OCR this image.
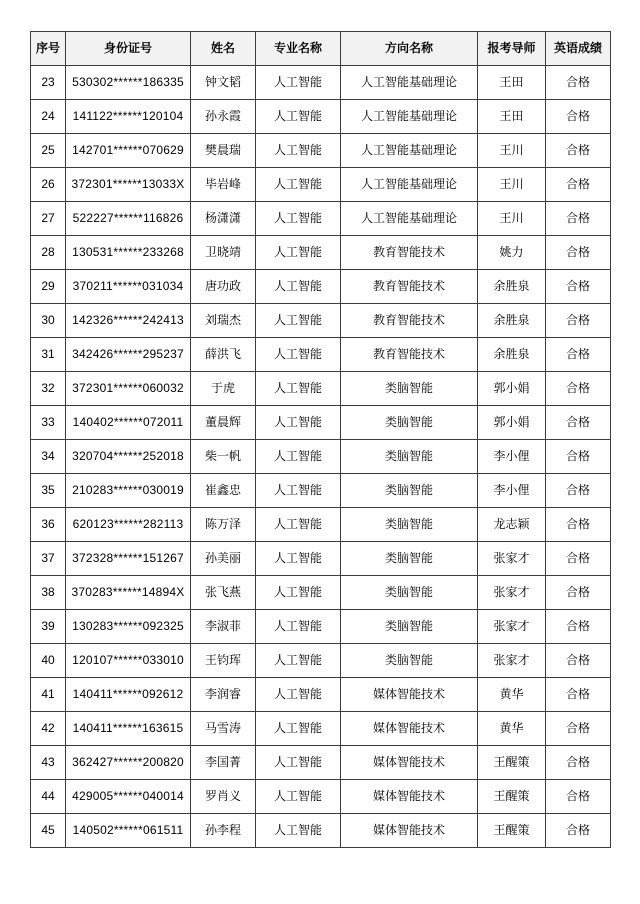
序号	身份证号	姓名	专业名称	方向名称	报考导师	英语成绩
23	530302******186335	钟文韬	人工智能	人工智能基础理论	王田	合格
24	141122******120104	孙永霞	人工智能	人工智能基础理论	王田	合格
25	142701******070629	樊晨瑞	人工智能	人工智能基础理论	王川	合格
26	372301******13033X	毕岩峰	人工智能	人工智能基础理论	王川	合格
27	522227******116826	杨潇潇	人工智能	人工智能基础理论	王川	合格
28	130531******233268	卫晓靖	人工智能	教育智能技术	姚力	合格
29	370211******031034	唐功政	人工智能	教育智能技术	余胜泉	合格
30	142326******242413	刘瑞杰	人工智能	教育智能技术	余胜泉	合格
31	342426******295237	薛洪飞	人工智能	教育智能技术	余胜泉	合格
32	372301******060032	于虎	人工智能	类脑智能	郭小娟	合格
33	140402******072011	董晨辉	人工智能	类脑智能	郭小娟	合格
34	320704******252018	柴一帆	人工智能	类脑智能	李小俚	合格
35	210283******030019	崔鑫忠	人工智能	类脑智能	李小俚	合格
36	620123******282113	陈万泽	人工智能	类脑智能	龙志颖	合格
37	372328******151267	孙美丽	人工智能	类脑智能	张家才	合格
38	370283******14894X	张飞燕	人工智能	类脑智能	张家才	合格
39	130283******092325	李淑菲	人工智能	类脑智能	张家才	合格
40	120107******033010	王钧珲	人工智能	类脑智能	张家才	合格
41	140411******092612	李润睿	人工智能	媒体智能技术	黄华	合格
42	140411******163615	马雪涛	人工智能	媒体智能技术	黄华	合格
43	362427******200820	李国菁	人工智能	媒体智能技术	王醒策	合格
44	429005******040014	罗肖义	人工智能	媒体智能技术	王醒策	合格
45	140502******061511	孙李程	人工智能	媒体智能技术	王醒策	合格
